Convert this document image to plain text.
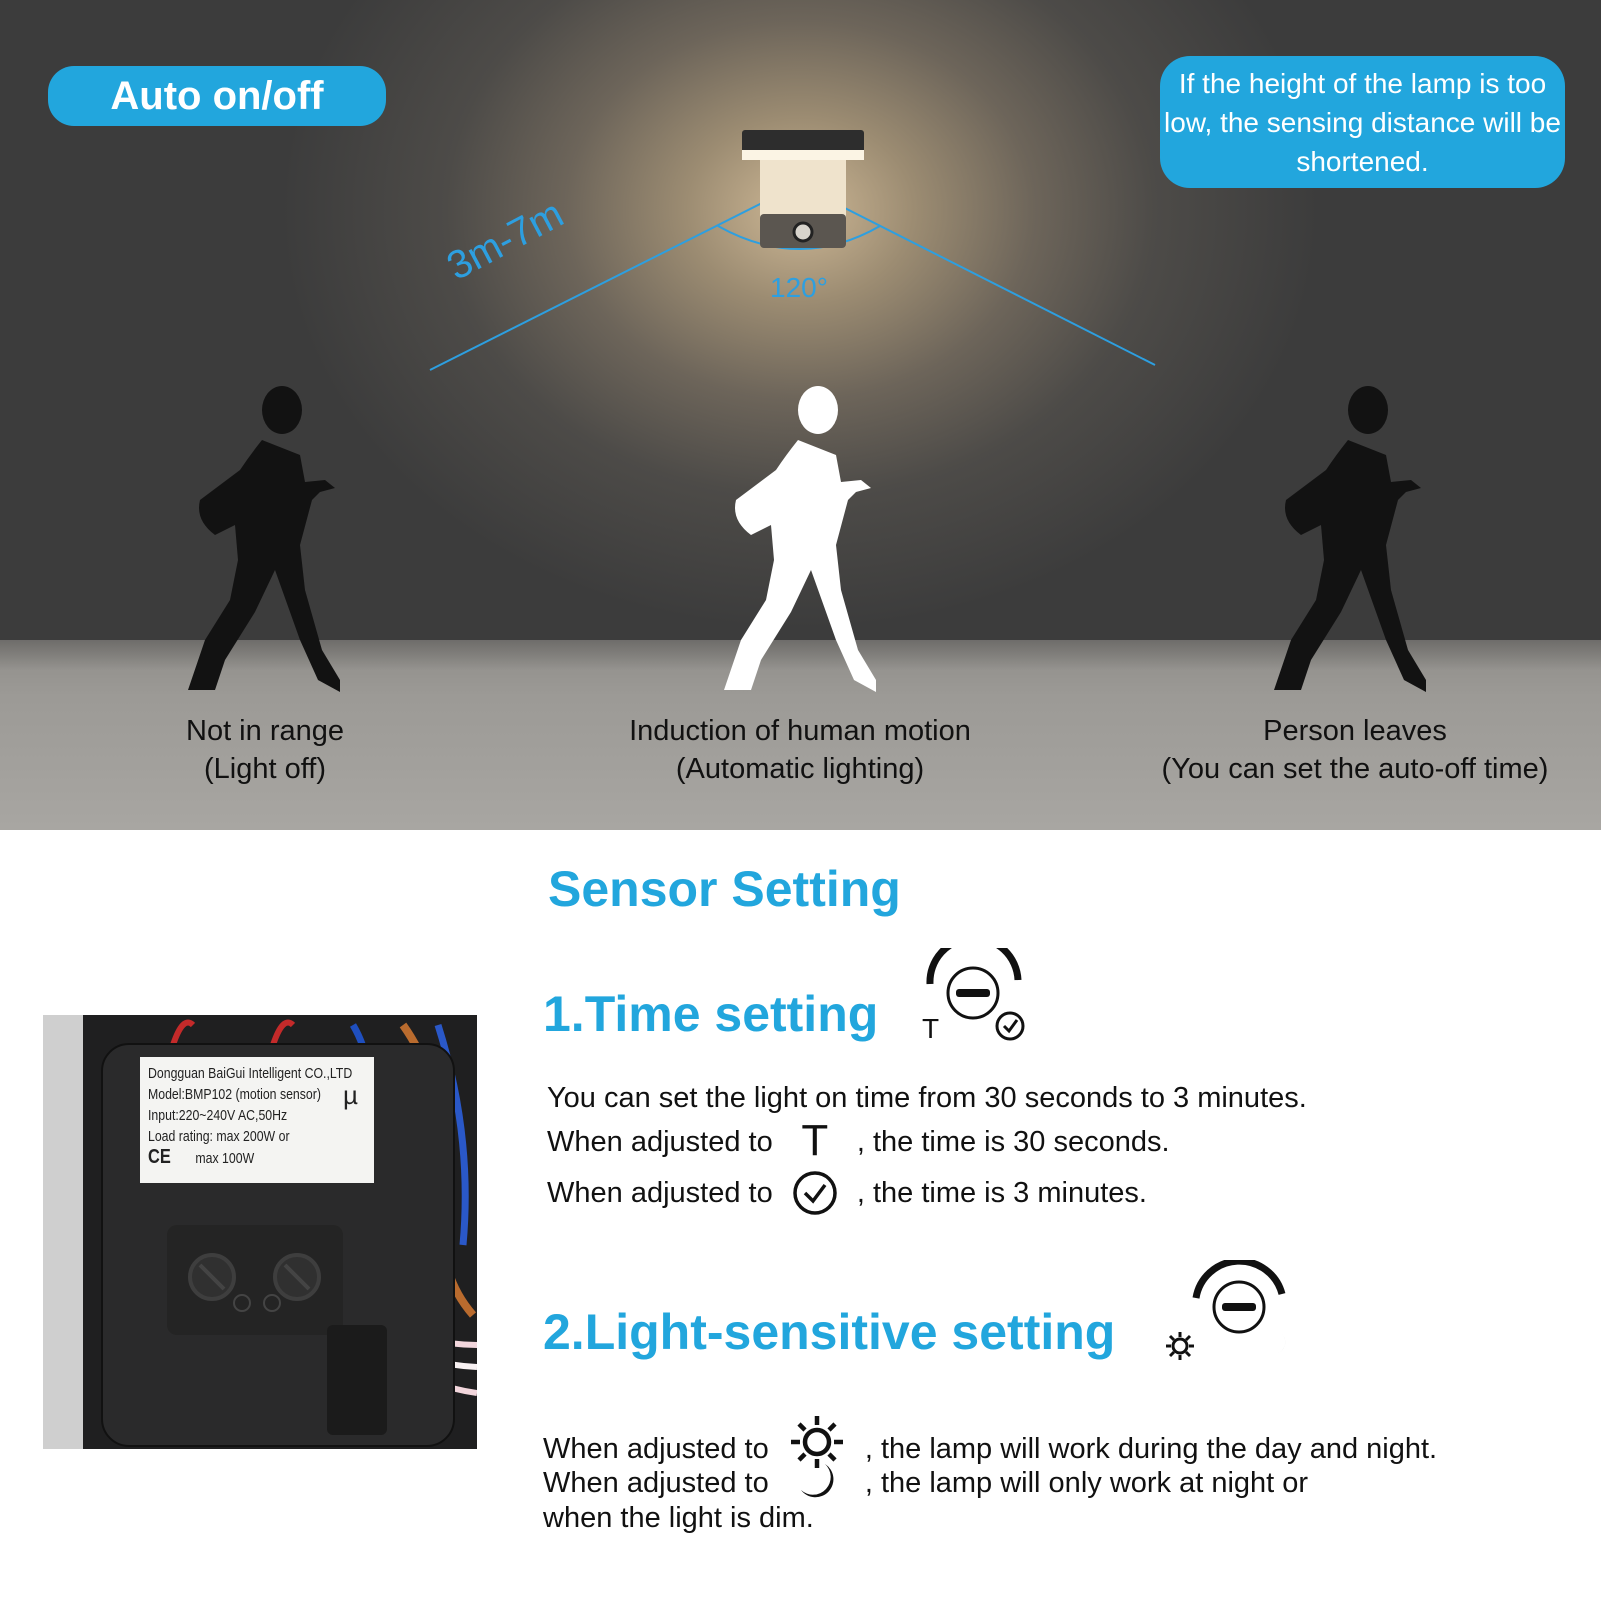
Auto on/off	If the height of the lamp is too low, the sensing distance will be shortened.
3m-7m	120°
Not in range
(Light off)
Induction of human motion
(Automatic lighting)
Person leaves
(You can set the auto-off time)
Sensor Setting
1.Time setting T
You can set the light on time from 30 seconds to 3 minutes.
When adjusted to T , the time is 30 seconds.
When adjusted to	, the time is 3 minutes.
2.Light-sensitive setting
When adjusted to	, the lamp will work during the day and night.
When adjusted to	, the lamp will only work at night or
when the light is dim.
Dongguan BaiGui Intelligent CO.,LTD
Model:BMP102 (motion sensor)
Input:220~240V AC,50Hz
Load rating: max 200W or
CE max 100W
µ
